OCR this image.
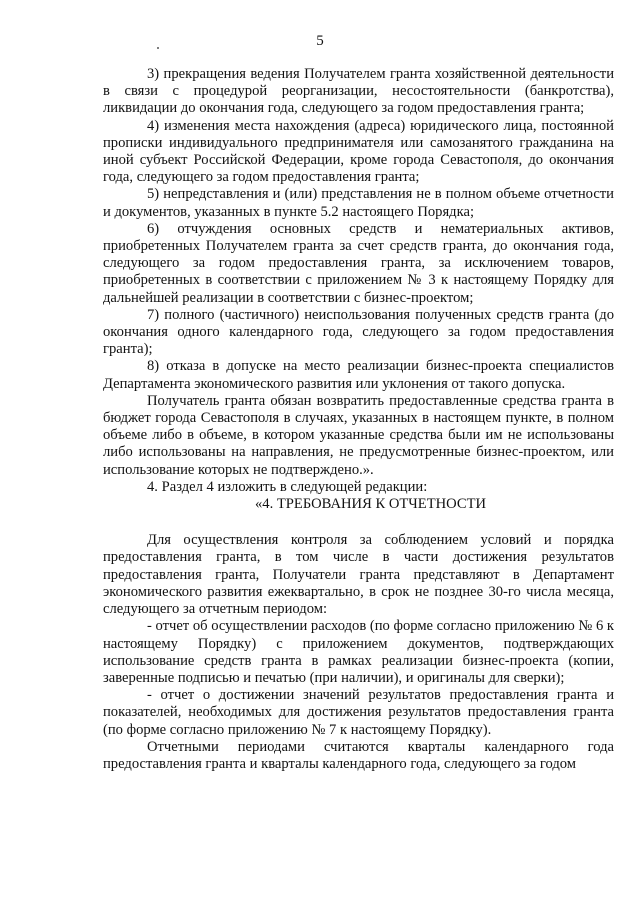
5

3) прекращения ведения Получателем гранта хозяйственной деятельности в связи с процедурой реорганизации, несостоятельности (банкротства), ликвидации до окончания года, следующего за годом предоставления гранта;

4) изменения места нахождения (адреса) юридического лица, постоянной прописки индивидуального предпринимателя или самозанятого гражданина на иной субъект Российской Федерации, кроме города Севастополя, до окончания года, следующего за годом предоставления гранта;

5) непредставления и (или) представления не в полном объеме отчетности и документов, указанных в пункте 5.2 настоящего Порядка;

6) отчуждения основных средств и нематериальных активов, приобретенных Получателем гранта за счет средств гранта, до окончания года, следующего за годом предоставления гранта, за исключением товаров, приобретенных в соответствии с приложением № 3 к настоящему Порядку для дальнейшей реализации в соответствии с бизнес-проектом;

7) полного (частичного) неиспользования полученных средств гранта (до окончания одного календарного года, следующего за годом предоставления гранта);

8) отказа в допуске на место реализации бизнес-проекта специалистов Департамента экономического развития или уклонения от такого допуска.

Получатель гранта обязан возвратить предоставленные средства гранта в бюджет города Севастополя в случаях, указанных в настоящем пункте, в полном объеме либо в объеме, в котором указанные средства были им не использованы либо использованы на направления, не предусмотренные бизнес-проектом, или использование которых не подтверждено.».

4. Раздел 4 изложить в следующей редакции:

«4. ТРЕБОВАНИЯ К ОТЧЕТНОСТИ

Для осуществления контроля за соблюдением условий и порядка предоставления гранта, в том числе в части достижения результатов предоставления гранта, Получатели гранта представляют в Департамент экономического развития ежеквартально, в срок не позднее 30-го числа месяца, следующего за отчетным периодом:

- отчет об осуществлении расходов (по форме согласно приложению № 6 к настоящему Порядку) с приложением документов, подтверждающих использование средств гранта в рамках реализации бизнес-проекта (копии, заверенные подписью и печатью (при наличии), и оригиналы для сверки);

- отчет о достижении значений результатов предоставления гранта и показателей, необходимых для достижения результатов предоставления гранта (по форме согласно приложению № 7 к настоящему Порядку).

Отчетными периодами считаются кварталы календарного года предоставления гранта и кварталы календарного года, следующего за годом
